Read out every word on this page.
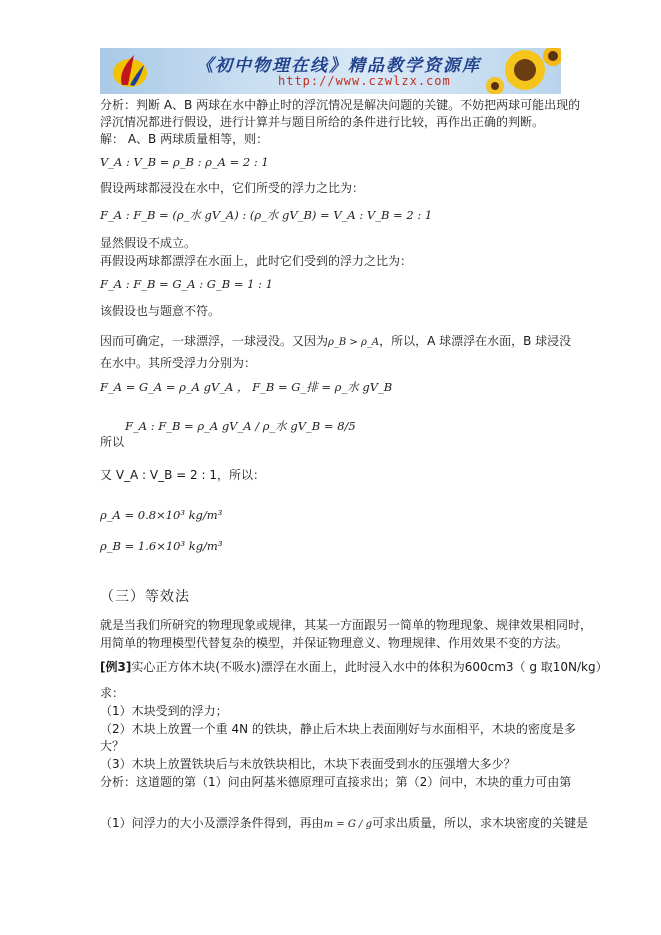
《初中物理在线》精品教学资源库
http://www.czwlzx.com
分析：判断 A、B 两球在水中静止时的浮沉情况是解决问题的关键。不妨把两球可能出现的
浮沉情况都进行假设，进行计算并与题目所给的条件进行比较，再作出正确的判断。
解： A、B 两球质量相等，则：
V_A : V_B = ρ_B : ρ_A = 2 : 1
假设两球都浸没在水中，它们所受的浮力之比为：
F_A : F_B = (ρ_水 gV_A) : (ρ_水 gV_B) = V_A : V_B = 2 : 1
显然假设不成立。
再假设两球都漂浮在水面上，此时它们受到的浮力之比为：
F_A : F_B = G_A : G_B = 1 : 1
该假设也与题意不符。
因而可确定，一球漂浮，一球浸没。又因为ρ_B > ρ_A，所以，A 球漂浮在水面，B 球浸没
在水中。其所受浮力分别为：
F_A = G_A = ρ_A gV_A ， F_B = G_排 = ρ_水 gV_B
所以
F_A : F_B = ρ_A gV_A / ρ_水 gV_B = 8/5
又 V_A : V_B = 2 : 1，所以：
ρ_A = 0.8×10³ kg/m³
ρ_B = 1.6×10³ kg/m³
（三）等效法
就是当我们所研究的物理现象或规律，其某一方面跟另一简单的物理现象、规律效果相同时，
用简单的物理模型代替复杂的模型，并保证物理意义、物理规律、作用效果不变的方法。
[例3]实心正方体木块(不吸水)漂浮在水面上，此时浸入水中的体积为600cm3（ g 取10N/kg）
求：
（1）木块受到的浮力；
（2）木块上放置一个重 4N 的铁块，静止后木块上表面刚好与水面相平，木块的密度是多
大？
（3）木块上放置铁块后与未放铁块相比，木块下表面受到水的压强增大多少？
分析：这道题的第（1）问由阿基米德原理可直接求出；第（2）问中，木块的重力可由第
（1）问浮力的大小及漂浮条件得到，再由m = G / g可求出质量，所以，求木块密度的关键是
